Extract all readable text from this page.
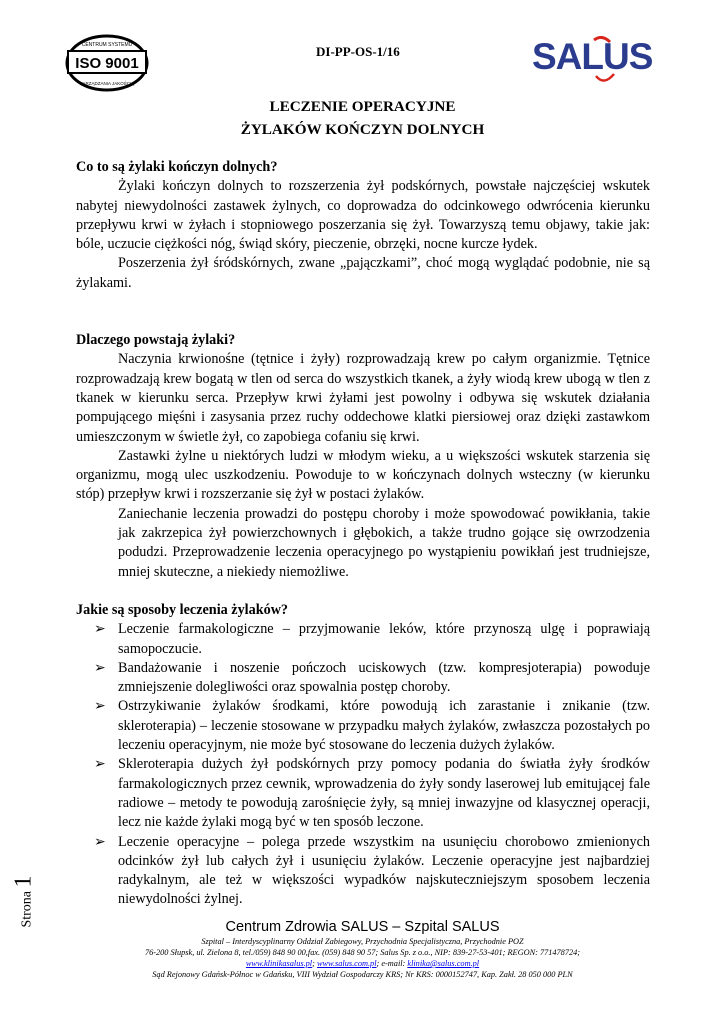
ISO 9001
CENTRUM SYSTEMU
ZARZĄDZANIA JAKOŚCIĄ
DI-PP-OS-1/16	SALUS
LECZENIE OPERACYJNE
ŻYLAKÓW KOŃCZYN DOLNYCH
Co to są żylaki kończyn dolnych?

Żylaki kończyn dolnych to rozszerzenia żył podskórnych, powstałe najczęściej wskutek nabytej niewydolności zastawek żylnych, co doprowadza do odcinkowego odwrócenia kierunku przepływu krwi w żyłach i stopniowego poszerzania się żył. Towarzyszą temu objawy, takie jak: bóle, uczucie ciężkości nóg, świąd skóry, pieczenie, obrzęki, nocne kurcze łydek.

Poszerzenia żył śródskórnych, zwane „pajączkami”, choć mogą wyglądać podobnie, nie są żylakami.

Dlaczego powstają żylaki?

Naczynia krwionośne (tętnice i żyły) rozprowadzają krew po całym organizmie. Tętnice rozprowadzają krew bogatą w tlen od serca do wszystkich tkanek, a żyły wiodą krew ubogą w tlen z tkanek w kierunku serca. Przepływ krwi żyłami jest powolny i odbywa się wskutek działania pompującego mięśni i zasysania przez ruchy oddechowe klatki piersiowej oraz dzięki zastawkom umieszczonym w świetle żył, co zapobiega cofaniu się krwi.

Zastawki żylne u niektórych ludzi w młodym wieku, a u większości wskutek starzenia się organizmu, mogą ulec uszkodzeniu. Powoduje to w kończynach dolnych wsteczny (w kierunku stóp) przepływ krwi i rozszerzanie się żył w postaci żylaków.

Zaniechanie leczenia prowadzi do postępu choroby i może spowodować powikłania, takie jak zakrzepica żył powierzchownych i głębokich, a także trudno gojące się owrzodzenia podudzi. Przeprowadzenie leczenia operacyjnego po wystąpieniu powikłań jest trudniejsze, mniej skuteczne, a niekiedy niemożliwe.

Jakie są sposoby leczenia żylaków?
➢ Leczenie farmakologiczne – przyjmowanie leków, które przynoszą ulgę i poprawiają samopoczucie.
➢ Bandażowanie i noszenie pończoch uciskowych (tzw. kompresjoterapia) powoduje zmniejszenie dolegliwości oraz spowalnia postęp choroby.
➢ Ostrzykiwanie żylaków środkami, które powodują ich zarastanie i znikanie (tzw. skleroterapia) – leczenie stosowane w przypadku małych żylaków, zwłaszcza pozostałych po leczeniu operacyjnym, nie może być stosowane do leczenia dużych żylaków.
➢ Skleroterapia dużych żył podskórnych przy pomocy podania do światła żyły środków farmakologicznych przez cewnik, wprowadzenia do żyły sondy laserowej lub emitującej fale radiowe – metody te powodują zarośnięcie żyły, są mniej inwazyjne od klasycznej operacji, lecz nie każde żylaki mogą być w ten sposób leczone.
➢ Leczenie operacyjne – polega przede wszystkim na usunięciu chorobowo zmienionych odcinków żył lub całych żył i usunięciu żylaków. Leczenie operacyjne jest najbardziej radykalnym, ale też w większości wypadków najskuteczniejszym sposobem leczenia niewydolności żylnej.
Strona 1
Centrum Zdrowia SALUS – Szpital SALUS
Szpital – Interdyscyplinarny Oddział Zabiegowy, Przychodnia Specjalistyczna, Przychodnie POZ
76-200 Słupsk, ul. Zielona 8, tel./059) 848 90 00,fax. (059) 848 90 57; Salus Sp. z o.o., NIP: 839-27-53-401; REGON: 771478724;
www.klinikasalus.pl; www.salus.com.pl; e-mail: klinika@salus.com.pl
Sąd Rejonowy Gdańsk-Północ w Gdańsku, VIII Wydział Gospodarczy KRS; Nr KRS: 0000152747, Kap. Zakł. 28 050 000 PLN
